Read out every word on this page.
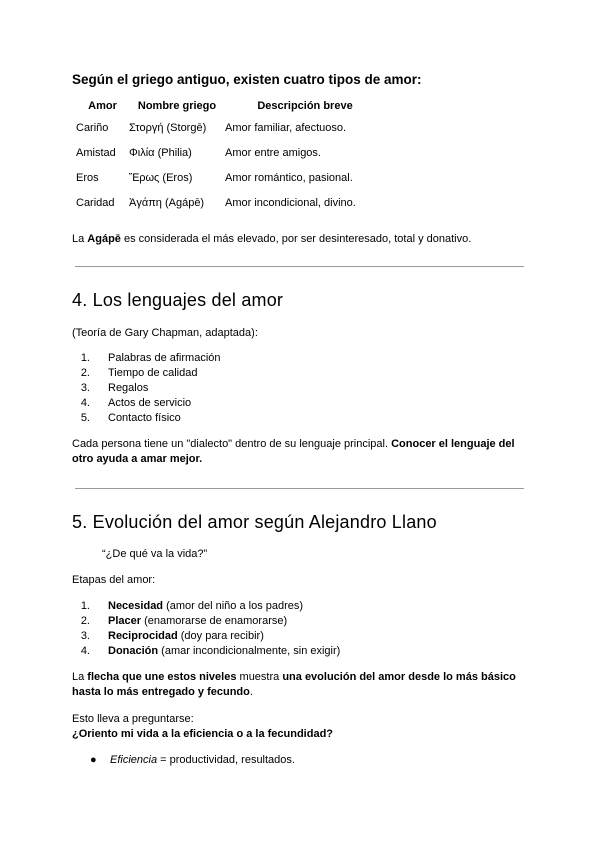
Según el griego antiguo, existen cuatro tipos de amor:
Amor	Nombre griego	Descripción breve
Cariño	Στοργή (Storgē)	Amor familiar, afectuoso.
Amistad	Φιλία (Philia)	Amor entre amigos.
Eros	Ἔρως (Eros)	Amor romántico, pasional.
Caridad	Ἀγάπη (Agápē)	Amor incondicional, divino.

La Agápē es considerada el más elevado, por ser desinteresado, total y donativo.

4. Los lenguajes del amor

(Teoría de Gary Chapman, adaptada):

1. Palabras de afirmación
2. Tiempo de calidad
3. Regalos
4. Actos de servicio
5. Contacto físico

Cada persona tiene un "dialecto" dentro de su lenguaje principal. Conocer el lenguaje del otro ayuda a amar mejor.

5. Evolución del amor según Alejandro Llano

“¿De qué va la vida?”

Etapas del amor:

1. Necesidad (amor del niño a los padres)
2. Placer (enamorarse de enamorarse)
3. Reciprocidad (doy para recibir)
4. Donación (amar incondicionalmente, sin exigir)

La flecha que une estos niveles muestra una evolución del amor desde lo más básico hasta lo más entregado y fecundo.

Esto lleva a preguntarse:

¿Oriento mi vida a la eficiencia o a la fecundidad?

● Eficiencia = productividad, resultados.
